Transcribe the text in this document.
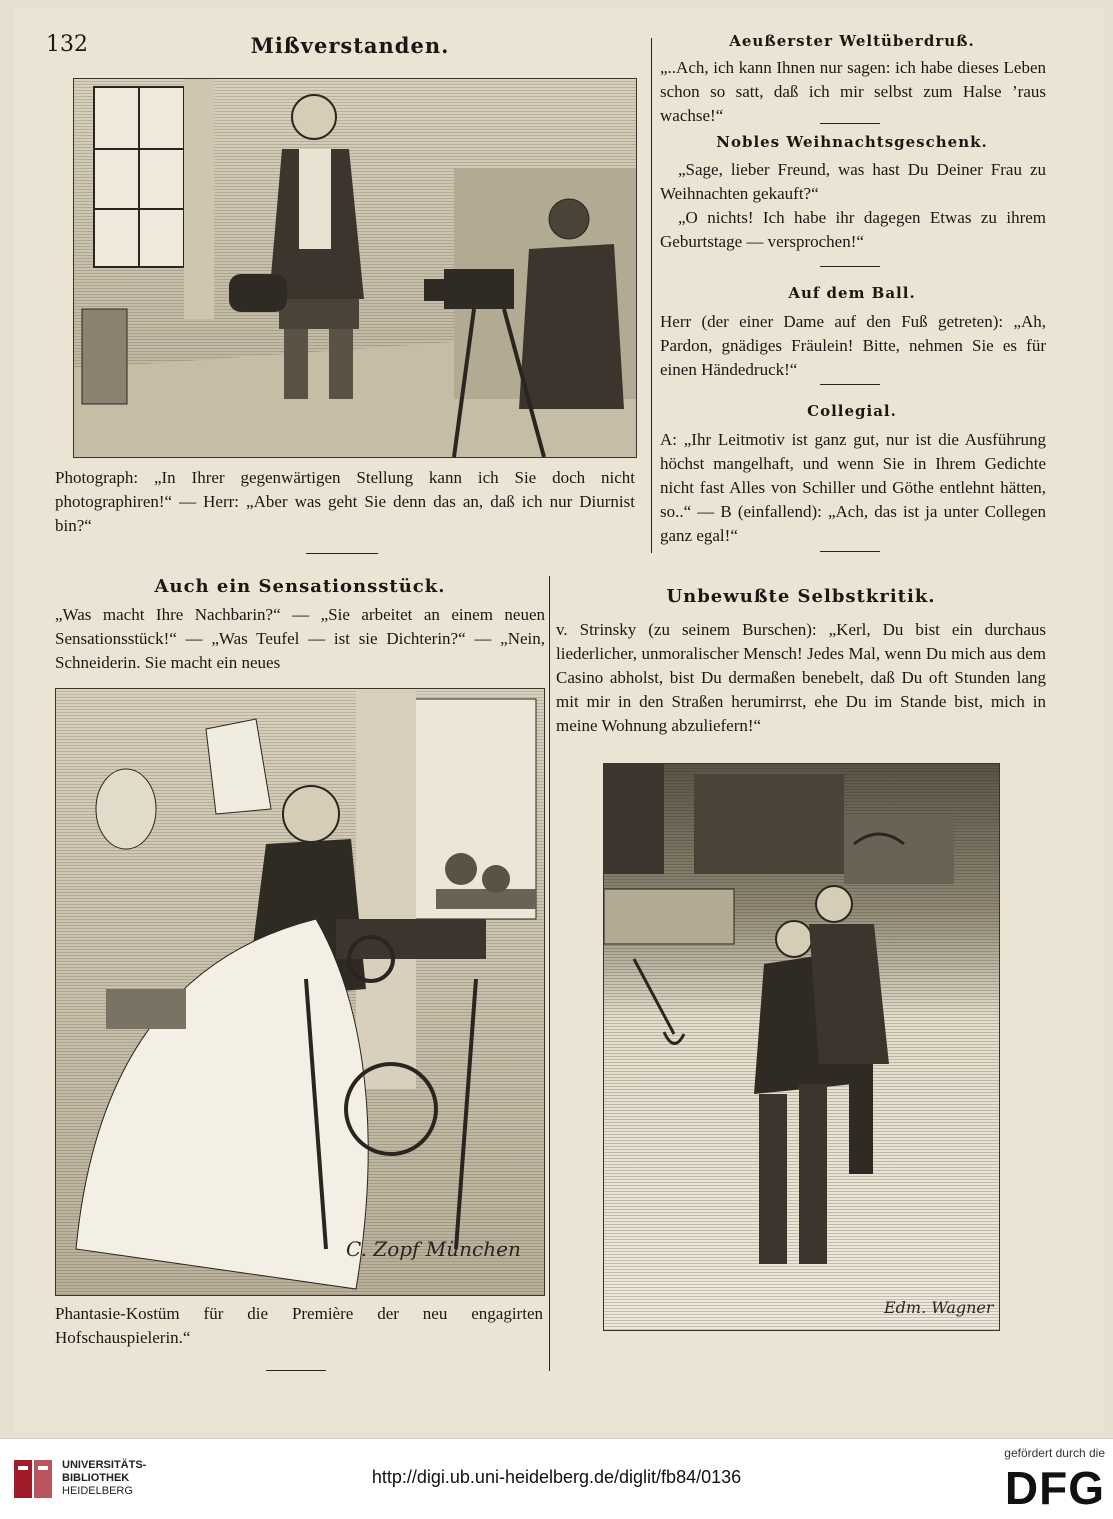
132	Mißverstanden.
Photograph: „In Ihrer gegenwärtigen Stellung kann ich Sie doch nicht photographiren!“ — Herr: „Aber was geht Sie denn das an, daß ich nur Diurnist bin?“
Aeußerster Weltüberdruß.
„..Ach, ich kann Ihnen nur sagen: ich habe dieses Leben schon so satt, daß ich mir selbst zum Halse ’raus wachse!“
Nobles Weihnachtsgeschenk.

„Sage, lieber Freund, was hast Du Deiner Frau zu Weihnachten gekauft?“

„O nichts! Ich habe ihr dagegen Etwas zu ihrem Geburtstage — versprochen!“

Auf dem Ball.
Herr (der einer Dame auf den Fuß getreten): „Ah, Pardon, gnädiges Fräulein! Bitte, nehmen Sie es für einen Händedruck!“
Collegial.
A: „Ihr Leitmotiv ist ganz gut, nur ist die Ausführung höchst mangelhaft, und wenn Sie in Ihrem Gedichte nicht fast Alles von Schiller und Göthe entlehnt hätten, so..“ — B (einfallend): „Ach, das ist ja unter Collegen ganz egal!“
Auch ein Sensationsstück.
„Was macht Ihre Nachbarin?“ — „Sie arbeitet an einem neuen Sensationsstück!“ — „Was Teufel — ist sie Dichterin?“ — „Nein, Schneiderin. Sie macht ein neues
C. Zopf München
Phantasie-Kostüm für die Première der neu engagirten Hofschauspielerin.“
Unbewußte Selbstkritik.
v. Strinsky (zu seinem Burschen): „Kerl, Du bist ein durchaus liederlicher, unmoralischer Mensch! Jedes Mal, wenn Du mich aus dem Casino abholst, bist Du dermaßen benebelt, daß Du oft Stunden lang mit mir in den Straßen herumirrst, ehe Du im Stande bist, mich in meine Wohnung abzuliefern!“
Edm. Wagner
UNIVERSITÄTS-
BIBLIOTHEK
HEIDELBERG
http://digi.ub.uni-heidelberg.de/diglit/fb84/0136
gefördert durch die
DFG
